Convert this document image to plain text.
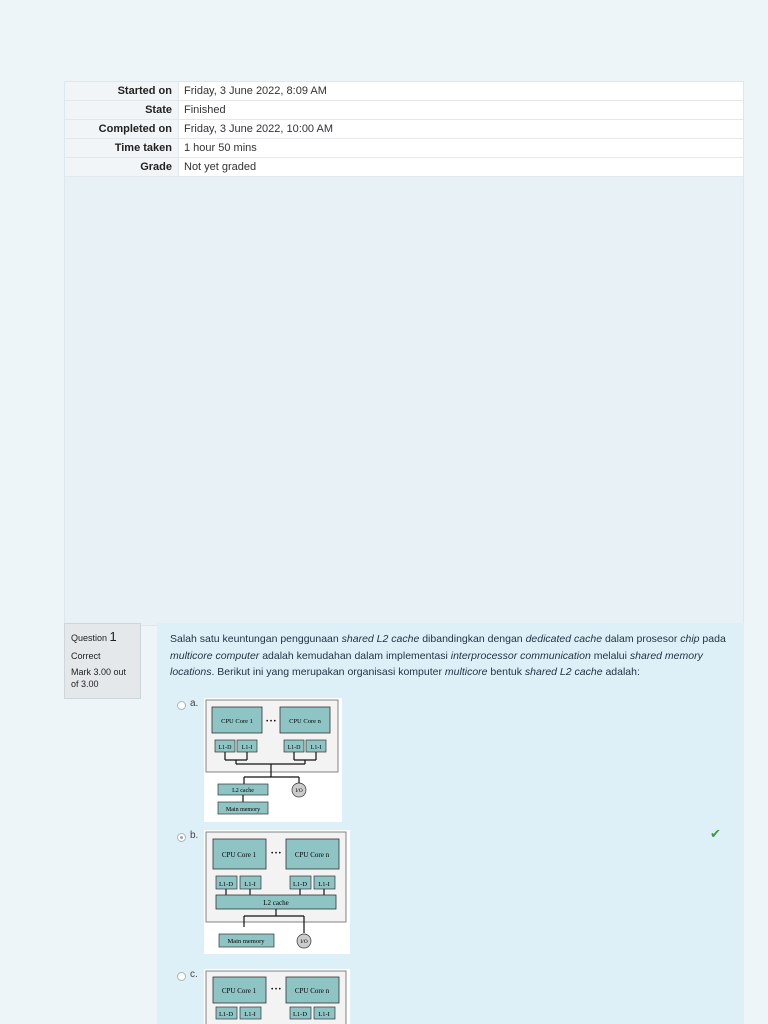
Started on	Friday, 3 June 2022, 8:09 AM
State	Finished
Completed on	Friday, 3 June 2022, 10:00 AM
Time taken	1 hour 50 mins
Grade	Not yet graded
Question 1
Correct
Mark 3.00 out of 3.00
Salah satu keuntungan penggunaan shared L2 cache dibandingkan dengan dedicated cache dalam prosesor chip pada multicore computer adalah kemudahan dalam implementasi interprocessor communication melalui shared memory locations. Berikut ini yang merupakan organisasi komputer multicore bentuk shared L2 cache adalah:
a.
CPU Core 1 • • • CPU Core n
L1-D L1-I	L1-D L1-I
L2 cache	I/O
Main memory
b.
CPU Core 1	• • • CPU Core n
L1-D L1-I	L1-D L1-I
L2 cache
Main memory	I/O
c.
CPU Core 1	• • • CPU Core n
L1-D L1-I	L1-D L1-I
✔
